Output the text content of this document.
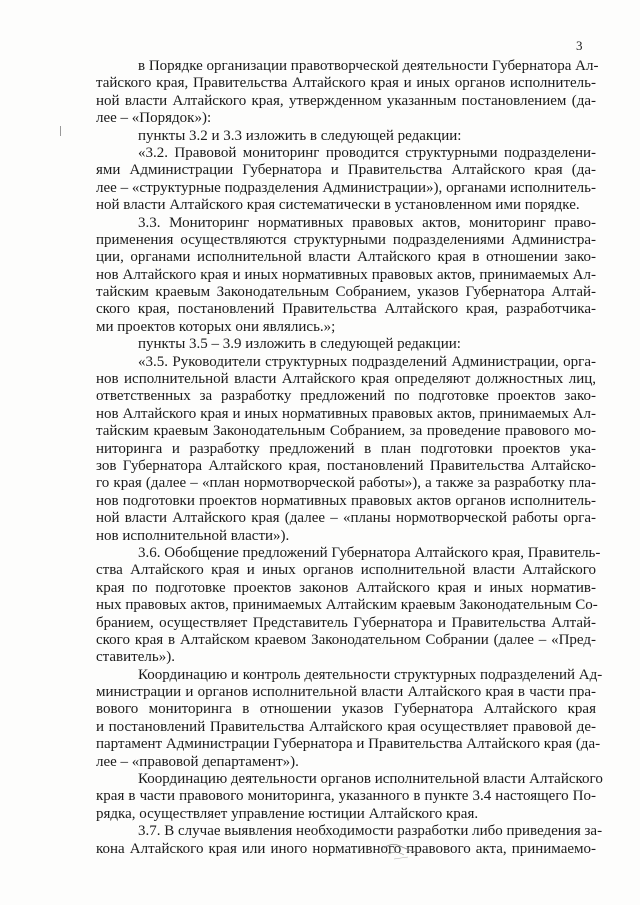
3
в Порядке организации правотворческой деятельности Губернатора Ал-
тайского края, Правительства Алтайского края и иных органов исполнитель-
ной власти Алтайского края, утвержденном указанным постановлением (да-
лее – «Порядок»):
пункты 3.2 и 3.3 изложить в следующей редакции:
«3.2. Правовой мониторинг проводится структурными подразделени-
ями Администрации Губернатора и Правительства Алтайского края (да-
лее – «структурные подразделения Администрации»), органами исполнитель-
ной власти Алтайского края систематически в установленном ими порядке.
3.3. Мониторинг нормативных правовых актов, мониторинг право-
применения осуществляются структурными подразделениями Администра-
ции, органами исполнительной власти Алтайского края в отношении зако-
нов Алтайского края и иных нормативных правовых актов, принимаемых Ал-
тайским краевым Законодательным Собранием, указов Губернатора Алтай-
ского края, постановлений Правительства Алтайского края, разработчика-
ми проектов которых они являлись.»;
пункты 3.5 – 3.9 изложить в следующей редакции:
«3.5. Руководители структурных подразделений Администрации, орга-
нов исполнительной власти Алтайского края определяют должностных лиц,
ответственных за разработку предложений по подготовке проектов зако-
нов Алтайского края и иных нормативных правовых актов, принимаемых Ал-
тайским краевым Законодательным Собранием, за проведение правового мо-
ниторинга и разработку предложений в план подготовки проектов ука-
зов Губернатора Алтайского края, постановлений Правительства Алтайско-
го края (далее – «план нормотворческой работы»), а также за разработку пла-
нов подготовки проектов нормативных правовых актов органов исполнитель-
ной власти Алтайского края (далее – «планы нормотворческой работы орга-
нов исполнительной власти»).
3.6. Обобщение предложений Губернатора Алтайского края, Правитель-
ства Алтайского края и иных органов исполнительной власти Алтайского
края по подготовке проектов законов Алтайского края и иных норматив-
ных правовых актов, принимаемых Алтайским краевым Законодательным Со-
бранием, осуществляет Представитель Губернатора и Правительства Алтай-
ского края в Алтайском краевом Законодательном Собрании (далее – «Пред-
ставитель»).
Координацию и контроль деятельности структурных подразделений Ад-
министрации и органов исполнительной власти Алтайского края в части пра-
вового мониторинга в отношении указов Губернатора Алтайского края
и постановлений Правительства Алтайского края осуществляет правовой де-
партамент Администрации Губернатора и Правительства Алтайского края (да-
лее – «правовой департамент»).
Координацию деятельности органов исполнительной власти Алтайского
края в части правового мониторинга, указанного в пункте 3.4 настоящего По-
рядка, осуществляет управление юстиции Алтайского края.
3.7. В случае выявления необходимости разработки либо приведения за-
кона Алтайского края или иного нормативного правового акта, принимаемо-
